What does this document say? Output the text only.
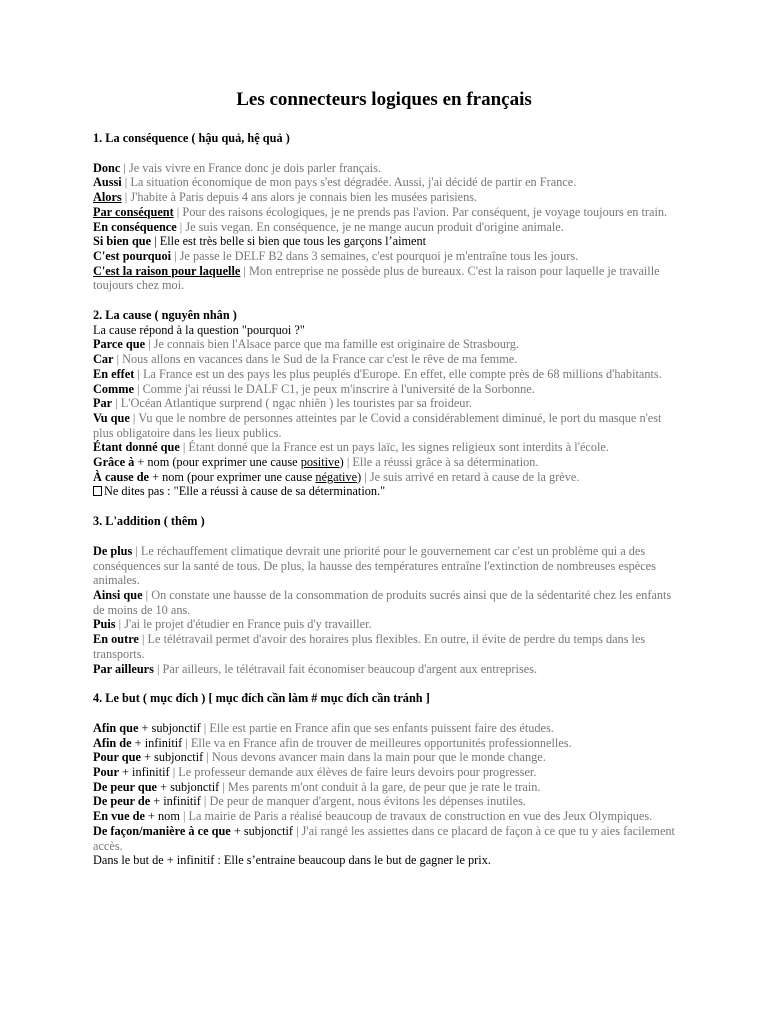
Les connecteurs logiques en français
1. La conséquence ( hậu quả, hệ quả )
Donc | Je vais vivre en France donc je dois parler français.
Aussi | La situation économique de mon pays s'est dégradée. Aussi, j'ai décidé de partir en France.
Alors | J'habite à Paris depuis 4 ans alors je connais bien les musées parisiens.
Par conséquent | Pour des raisons écologiques, je ne prends pas l'avion. Par conséquent, je voyage toujours en train.
En conséquence | Je suis vegan. En conséquence, je ne mange aucun produit d'origine animale.
Si bien que | Elle est très belle si bien que tous les garçons l’aiment
C'est pourquoi | Je passe le DELF B2 dans 3 semaines, c'est pourquoi je m'entraîne tous les jours.
C'est la raison pour laquelle | Mon entreprise ne possède plus de bureaux. C'est la raison pour laquelle je travaille toujours chez moi.
2. La cause ( nguyên nhân )
La cause répond à la question "pourquoi ?"
Parce que | Je connais bien l'Alsace parce que ma famille est originaire de Strasbourg.
Car | Nous allons en vacances dans le Sud de la France car c'est le rêve de ma femme.
En effet | La France est un des pays les plus peuplés d'Europe. En effet, elle compte près de 68 millions d'habitants.
Comme | Comme j'ai réussi le DALF C1, je peux m'inscrire à l'université de la Sorbonne.
Par | L'Océan Atlantique surprend ( ngạc nhiên ) les touristes par sa froideur.
Vu que | Vu que le nombre de personnes atteintes par le Covid a considérablement diminué, le port du masque n'est plus obligatoire dans les lieux publics.
Étant donné que | Étant donné que la France est un pays laïc, les signes religieux sont interdits à l'école.
Grâce à + nom (pour exprimer une cause positive) | Elle a réussi grâce à sa détermination.
À cause de + nom (pour exprimer une cause négative) | Je suis arrivé en retard à cause de la grève.
Ne dites pas : "Elle a réussi à cause de sa détermination."
3. L'addition ( thêm )
De plus | Le réchauffement climatique devrait une priorité pour le gouvernement car c'est un problème qui a des conséquences sur la santé de tous. De plus, la hausse des températures entraîne l'extinction de nombreuses espèces animales.
Ainsi que | On constate une hausse de la consommation de produits sucrés ainsi que de la sédentarité chez les enfants de moins de 10 ans.
Puis | J'ai le projet d'étudier en France puis d'y travailler.
En outre | Le télétravail permet d'avoir des horaires plus flexibles. En outre, il évite de perdre du temps dans les transports.
Par ailleurs | Par ailleurs, le télétravail fait économiser beaucoup d'argent aux entreprises.
4. Le but ( mục đích ) [ mục đích cần làm # mục đích cần tránh ]
Afin que + subjonctif | Elle est partie en France afin que ses enfants puissent faire des études.
Afin de + infinitif | Elle va en France afin de trouver de meilleures opportunités professionnelles.
Pour que + subjonctif | Nous devons avancer main dans la main pour que le monde change.
Pour + infinitif | Le professeur demande aux élèves de faire leurs devoirs pour progresser.
De peur que + subjonctif | Mes parents m'ont conduit à la gare, de peur que je rate le train.
De peur de + infinitif | De peur de manquer d'argent, nous évitons les dépenses inutiles.
En vue de + nom | La mairie de Paris a réalisé beaucoup de travaux de construction en vue des Jeux Olympiques.
De façon/manière à ce que + subjonctif | J'ai rangé les assiettes dans ce placard de façon à ce que tu y aies facilement accès.
Dans le but de + infinitif : Elle s’entraine beaucoup dans le but de gagner le prix.
